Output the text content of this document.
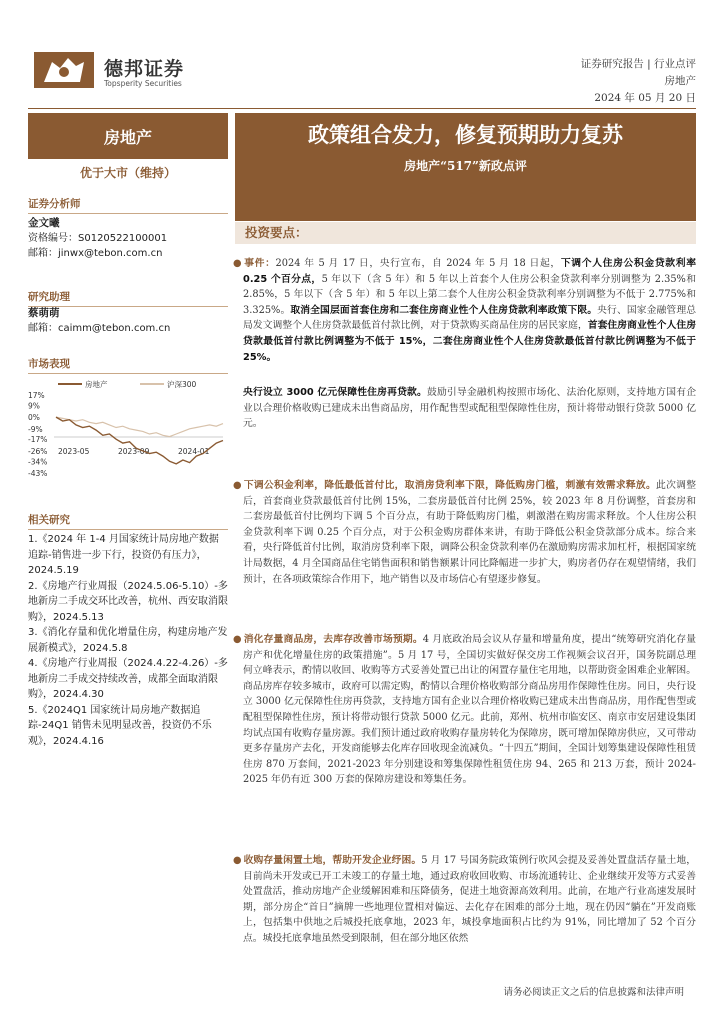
德邦证券
Topsperity Securities
证券研究报告 | 行业点评
房地产
2024 年 05 月 20 日
房地产
优于大市（维持）
证券分析师
金文曦
资格编号：S0120522100001
邮箱：jinwx@tebon.com.cn
研究助理
蔡萌萌
邮箱：caimm@tebon.com.cn
市场表现
房地产	沪深300
17%
9%
0%
-9%
-17%
-26%
-34%
-43%
2023-05	2023-09	2024-01
相关研究
1.《2024 年 1-4 月国家统计局房地产数据追踪-销售进一步下行，投资仍有压力》，2024.5.19
2.《房地产行业周报（2024.5.06-5.10）-多地新房二手成交环比改善，杭州、西安取消限购》，2024.5.13
3.《消化存量和优化增量住房，构建房地产发展新模式》，2024.5.8
4.《房地产行业周报（2024.4.22-4.26）-多地新房二手成交持续改善，成都全面取消限购》，2024.4.30
5.《2024Q1 国家统计局房地产数据追踪-24Q1 销售未见明显改善，投资仍不乐观》，2024.4.16
政策组合发力，修复预期助力复苏
房地产“517”新政点评
投资要点：
● 事件：2024 年 5 月 17 日，央行宣布，自 2024 年 5 月 18 日起，下调个人住房公积金贷款利率 0.25 个百分点，5 年以下（含 5 年）和 5 年以上首套个人住房公积金贷款利率分别调整为 2.35%和 2.85%，5 年以下（含 5 年）和 5 年以上第二套个人住房公积金贷款利率分别调整为不低于 2.775%和 3.325%。取消全国层面首套住房和二套住房商业性个人住房贷款利率政策下限。央行、国家金融管理总局发文调整个人住房贷款最低首付款比例，对于贷款购买商品住房的居民家庭，首套住房商业性个人住房贷款最低首付款比例调整为不低于 15%，二套住房商业性个人住房贷款最低首付款比例调整为不低于 25%。
央行设立 3000 亿元保障性住房再贷款。鼓励引导金融机构按照市场化、法治化原则，支持地方国有企业以合理价格收购已建成未出售商品房，用作配售型或配租型保障性住房，预计将带动银行贷款 5000 亿元。
● 下调公积金利率，降低最低首付比，取消房贷利率下限，降低购房门槛，刺激有效需求释放。此次调整后，首套商业贷款最低首付比例 15%，二套房最低首付比例 25%，较 2023 年 8 月份调整，首套房和二套房最低首付比例均下调 5 个百分点，有助于降低购房门槛，刺激潜在购房需求释放。个人住房公积金贷款利率下调 0.25 个百分点，对于公积金购房群体来讲，有助于降低公积金贷款部分成本。综合来看，央行降低首付比例，取消房贷利率下限，调降公积金贷款利率仍在激励购房需求加杠杆，根据国家统计局数据，4 月全国商品住宅销售面积和销售额累计同比降幅进一步扩大，购房者仍存在观望情绪，我们预计，在各项政策综合作用下，地产销售以及市场信心有望逐步修复。
● 消化存量商品房，去库存改善市场预期。4 月底政治局会议从存量和增量角度，提出“统筹研究消化存量房产和优化增量住房的政策措施”。5 月 17 号，全国切实做好保交房工作视频会议召开，国务院副总理何立峰表示，酌情以收回、收购等方式妥善处置已出让的闲置存量住宅用地，以帮助资金困难企业解困。商品房库存较多城市，政府可以需定购，酌情以合理价格收购部分商品房用作保障性住房。同日，央行设立 3000 亿元保障性住房再贷款，支持地方国有企业以合理价格收购已建成未出售商品房，用作配售型或配租型保障性住房，预计将带动银行贷款 5000 亿元。此前，郑州、杭州市临安区、南京市安居建设集团均试点国有收购存量房源。我们预计通过政府收购存量房转化为保障房，既可增加保障房供应，又可带动更多存量房产去化，开发商能够去化库存回收现金流减负。“十四五”期间，全国计划筹集建设保障性租赁住房 870 万套间，2021-2023 年分别建设和筹集保障性租赁住房 94、265 和 213 万套，预计 2024-2025 年仍有近 300 万套的保障房建设和筹集任务。
● 收购存量闲置土地，帮助开发企业纾困。5 月 17 号国务院政策例行吹风会提及妥善处置盘活存量土地，目前尚未开发或已开工未竣工的存量土地，通过政府收回收购、市场流通转让、企业继续开发等方式妥善处置盘活，推动房地产企业缓解困难和压降债务，促进土地资源高效利用。此前，在地产行业高速发展时期，部分房企“首日”摘牌一些地理位置相对偏远、去化存在困难的部分土地，现在仍因“躺在”开发商账上，包括集中供地之后城投托底拿地，2023 年，城投拿地面积占比约为 91%，同比增加了 52 个百分点。城投托底拿地虽然受到限制，但在部分地区依然
请务必阅读正文之后的信息披露和法律声明
